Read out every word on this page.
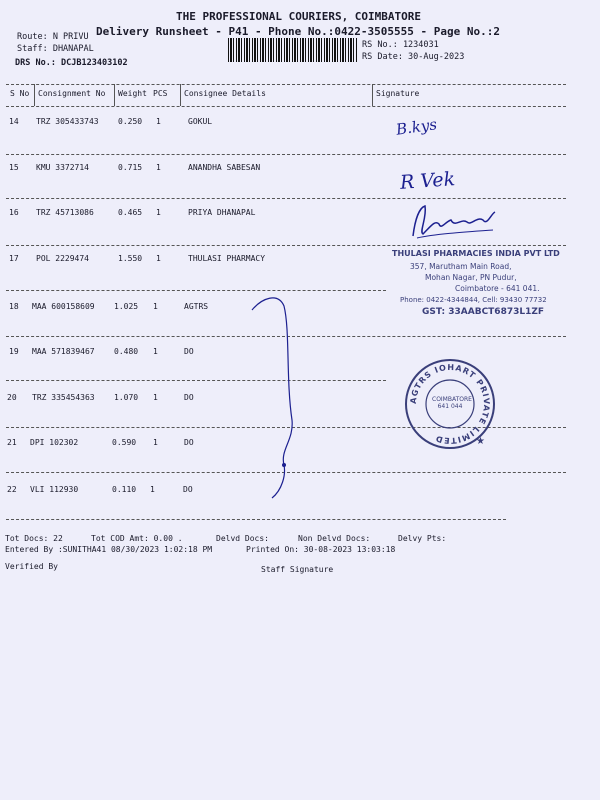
THE PROFESSIONAL COURIERS, COIMBATORE
Delivery Runsheet - P41 - Phone No.:0422-3505555 - Page No.:2
Route: N PRIVU
Staff: DHANAPAL
DRS No.: DCJB123403102
RS No.: 1234031
RS Date: 30-Aug-2023
S No Consignment No Weight PCS Consignee Details	Signature
14 TRZ 305433743 0.250 1	GOKUL
15 KMU 3372714	0.715 1	ANANDHA SABESAN
16 TRZ 45713086	0.465 1	PRIYA DHANAPAL
17 POL 2229474	1.550 1	THULASI PHARMACY
18 MAA 600158609 1.025 1	AGTRS
19 MAA 571839467 0.480 1	DO
20 TRZ 335454363 1.070 1	DO
21 DPI 102302	0.590 1	DO
22 VLI 112930	0.110 1	DO
B.kys
R Vek
THULASI PHARMACIES INDIA PVT LTD
357, Marutham Main Road,
Mohan Nagar, PN Pudur,
Coimbatore - 641 041.
Phone: 0422-4344844, Cell: 93430 77732
GST: 33AABCT6873L1ZF
AGTRS IOHART PRIVATE LIMITED	★
COIMBATORE 641 044
Tot Docs: 22	Tot COD Amt: 0.00 .	Delvd Docs:	Non Delvd Docs:	Delvy Pts:
Entered By :SUNITHA41 08/30/2023 1:02:18 PM	Printed On: 30-08-2023 13:03:18
Verified By	Staff Signature
